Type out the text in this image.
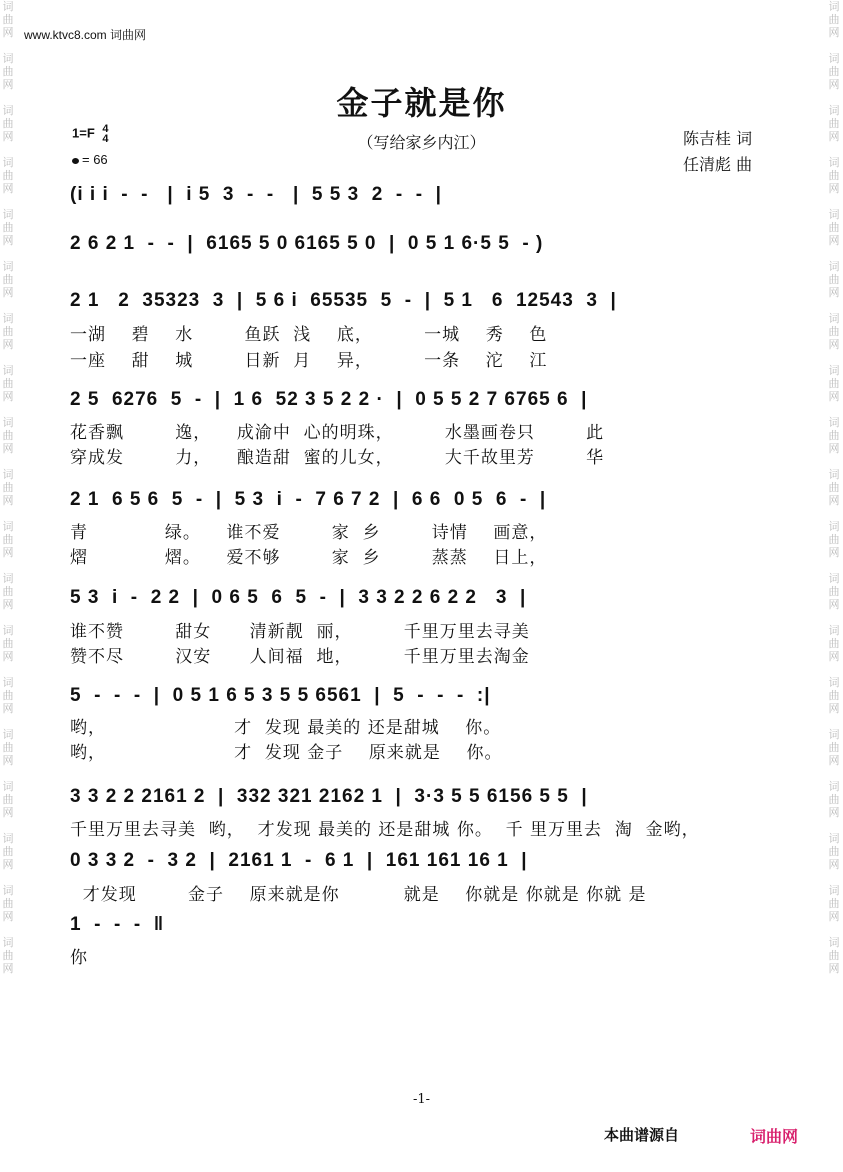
www.ktvc8.com 词曲网
词曲网

词曲网

词曲网

词曲网

词曲网

词曲网

词曲网

词曲网

词曲网

词曲网

词曲网

词曲网

词曲网

词曲网

词曲网

词曲网

词曲网

词曲网

词曲网
词曲网

词曲网

词曲网

词曲网

词曲网

词曲网

词曲网

词曲网

词曲网

词曲网

词曲网

词曲网

词曲网

词曲网

词曲网

词曲网

词曲网

词曲网

词曲网
金子就是你
（写给家乡内江）	陈吉桂 词
任清彪 曲
1=F 4
4
= 66
(i i i  -  -   |  i 5  3  -  -   |  5 5 3  2  -  -  |
2 6 2 1  -  -  |  6165 5 0 6165 5 0  |  0 5 1 6·5 5  - )
2 1   2  35323  3  |  5 6 i  65535  5  -  |  5 1   6  12543  3  |
一湖    碧    水        鱼跃  浅    底，        一城    秀    色
一座    甜    城        日新  月    异，        一条    沱    江
2 5  6276  5  -  |  1 6  52 3 5 2 2 ·  |  0 5 5 2 7 6765 6  |
花香飘        逸，    成渝中  心的明珠，        水墨画卷只        此
穿成发        力，    酿造甜  蜜的儿女，        大千故里芳        华
2 1  6 5 6  5  -  |  5 3  i  -  7 6 7 2  |  6 6  0 5  6  -  |
青            绿。    谁不爱        家  乡        诗情    画意，
熠            熠。    爱不够        家  乡        蒸蒸    日上，
5 3  i  -  2 2  |  0 6 5  6  5  -  |  3 3 2 2 6 2 2   3  |
谁不赞        甜女      清新靓  丽，        千里万里去寻美
赞不尽        汉安      人间福  地，        千里万里去淘金
5  -  -  -  |  0 5 1 6 5 3 5 5 6561  |  5  -  -  -  :|
哟，                    才  发现 最美的 还是甜城    你。
哟，                    才  发现 金子    原来就是    你。
3 3 2 2 2161 2  |  332 321 2162 1  |  3·3 5 5 6156 5 5  |
千里万里去寻美  哟，  才发现 最美的 还是甜城 你。  千 里万里去  淘  金哟，
0 3 3 2  -  3 2  |  2161 1  -  6 1  |  161 161 16 1  |
才发现        金子    原来就是你          就是    你就是 你就是 你就 是
1  -  -  -  ‖
你
-1-
本曲谱源自	词曲网
